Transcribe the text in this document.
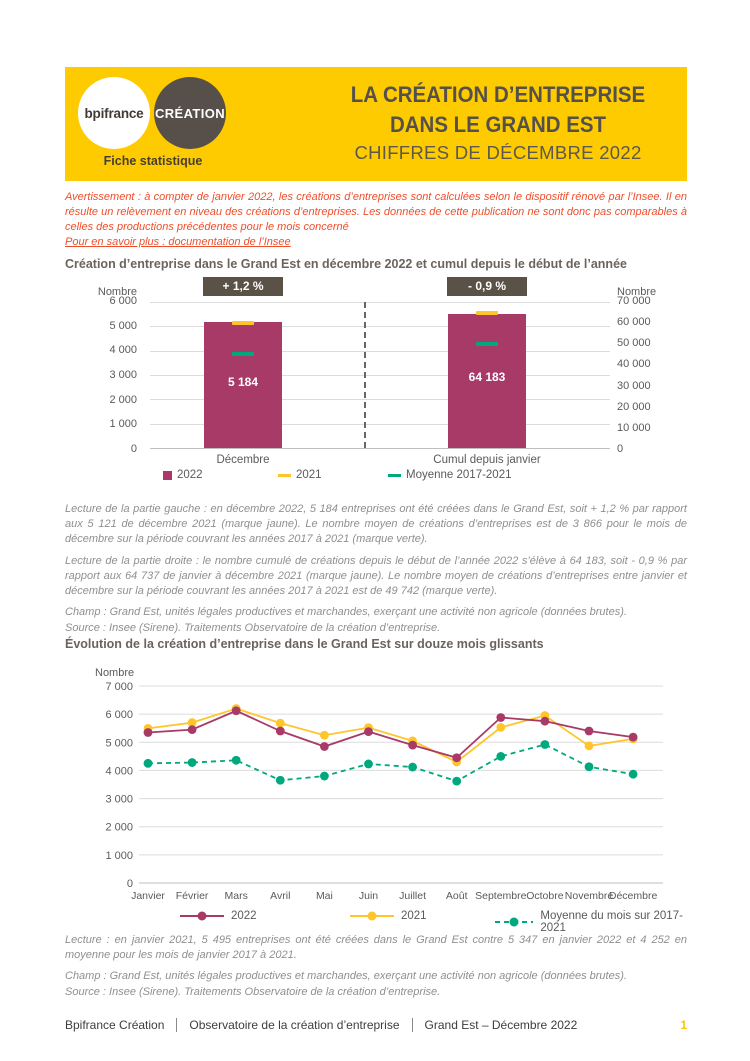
bpifrance CRÉATION
Fiche statistique
LA CRÉATION D’ENTREPRISE
DANS LE GRAND EST
CHIFFRES DE DÉCEMBRE 2022

Avertissement : à compter de janvier 2022, les créations d’entreprises sont calculées selon le dispositif rénové par l’Insee. Il en résulte un relèvement en niveau des créations d’entreprises. Les données de cette publication ne sont donc pas comparables à celles des productions précédentes pour le mois concerné

Pour en savoir plus : documentation de l’Insee
Création d’entreprise dans le Grand Est en décembre 2022 et cumul depuis le début de l’année
Nombre	Nombre
6 000
5 000
4 000
3 000
2 000
1 000
0
+ 1,2 %
5 184
Décembre
- 0,9 %
64 183
Cumul depuis janvier
70 000
60 000
50 000
40 000
30 000
20 000
10 000
0
2022	2021	Moyenne 2017-2021

Lecture de la partie gauche : en décembre 2022, 5 184 entreprises ont été créées dans le Grand Est, soit + 1,2 % par rapport aux 5 121 de décembre 2021 (marque jaune). Le nombre moyen de créations d’entreprises est de 3 866 pour le mois de décembre sur la période couvrant les années 2017 à 2021 (marque verte).

Lecture de la partie droite : le nombre cumulé de créations depuis le début de l’année 2022 s’élève à 64 183, soit - 0,9 % par rapport aux 64 737 de janvier à décembre 2021 (marque jaune). Le nombre moyen de créations d’entreprises entre janvier et décembre sur la période couvrant les années 2017 à 2021 est de 49 742 (marque verte).

Champ : Grand Est, unités légales productives et marchandes, exerçant une activité non agricole (données brutes).

Source : Insee (Sirene). Traitements Observatoire de la création d’entreprise.

Évolution de la création d’entreprise dans le Grand Est sur douze mois glissants
Nombre
7 000
6 000
5 000
4 000
3 000
2 000
1 000
0
Janvier Février Mars Avril Mai Juin Juillet Août Septembre Octobre Novembre
Décembre
2022	2021	Moyenne du mois sur 2017-2021

Lecture : en janvier 2021, 5 495 entreprises ont été créées dans le Grand Est contre 5 347 en janvier 2022 et 4 252 en moyenne pour les mois de janvier 2017 à 2021.

Champ : Grand Est, unités légales productives et marchandes, exerçant une activité non agricole (données brutes).

Source : Insee (Sirene). Traitements Observatoire de la création d’entreprise.

Bpifrance Création Observatoire de la création d’entreprise Grand Est – Décembre 2022	1
